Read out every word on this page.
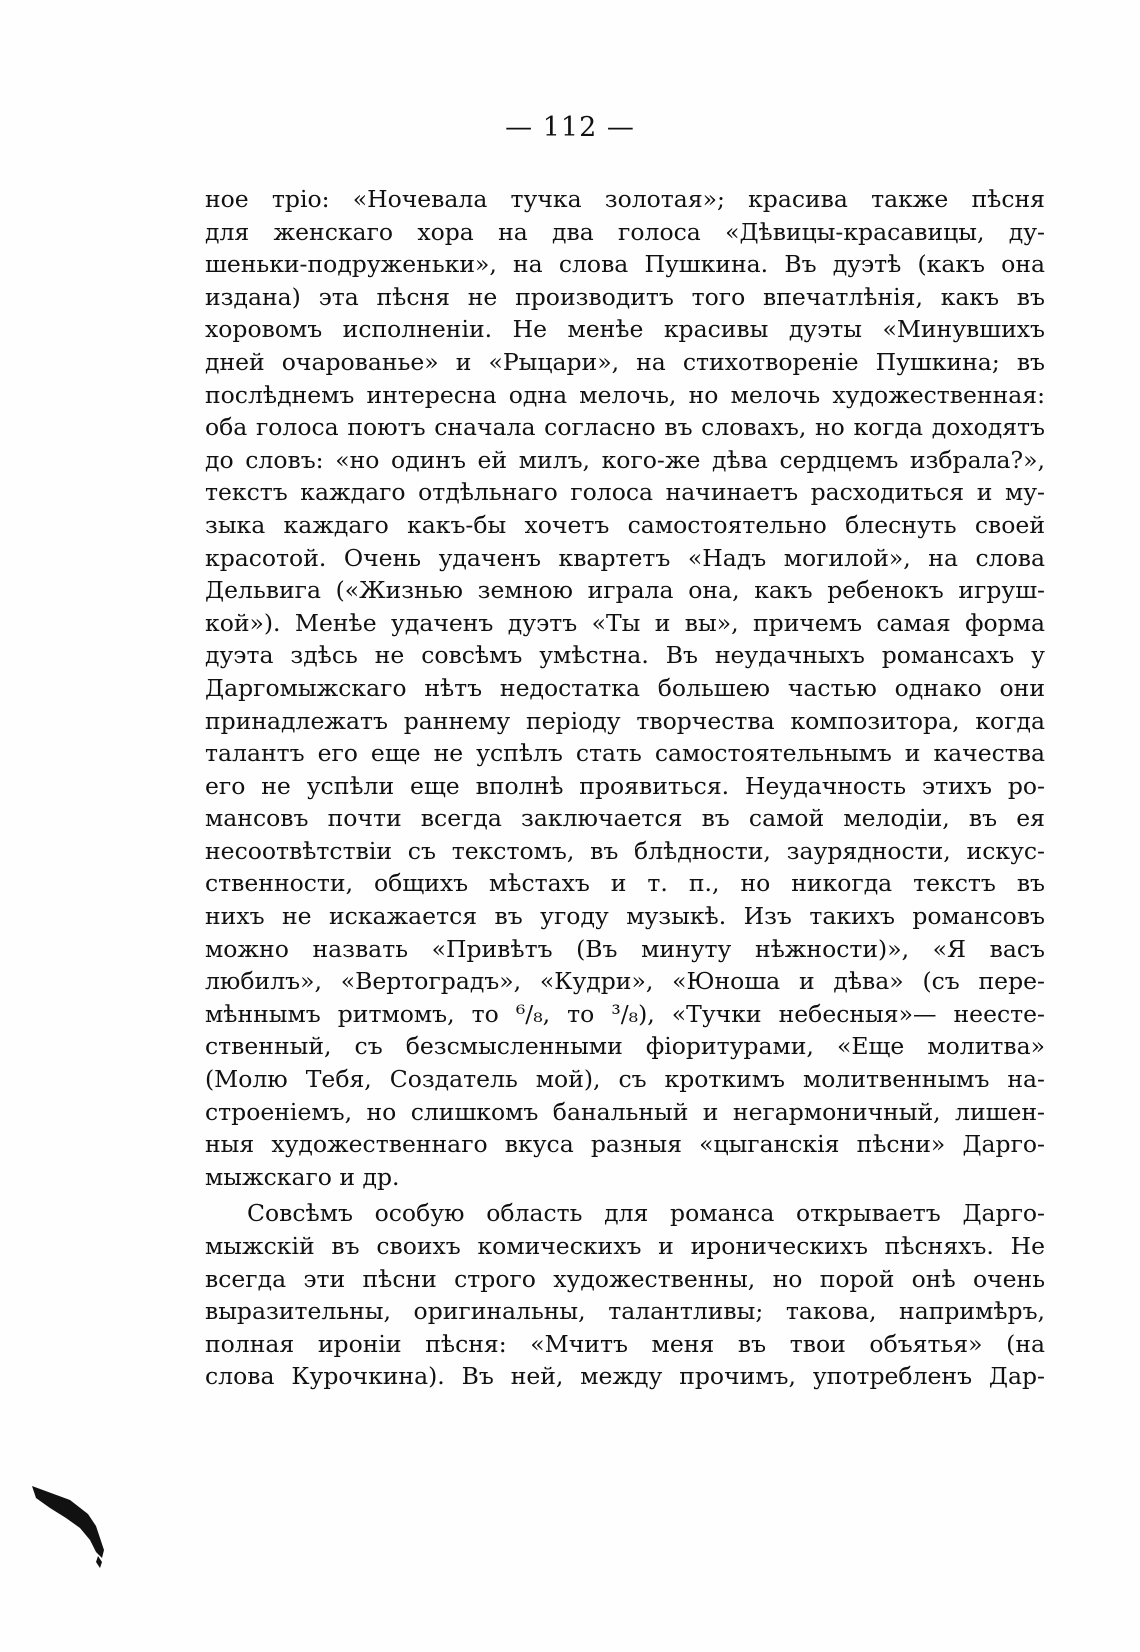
— 112 —
ное тріо: «Ночевала тучка золотая»; красива также пѣсня
для женскаго хора на два голоса «Дѣвицы-красавицы, ду-
шеньки-подруженьки», на слова Пушкина. Въ дуэтѣ (какъ она
издана) эта пѣсня не производитъ того впечатлѣнія, какъ въ
хоровомъ исполненіи. Не менѣе красивы дуэты «Минувшихъ
дней очарованье» и «Рыцари», на стихотвореніе Пушкина; въ
послѣднемъ интересна одна мелочь, но мелочь художественная:
оба голоса поютъ сначала согласно въ словахъ, но когда доходятъ
до словъ: «но одинъ ей милъ, кого-же дѣва сердцемъ избрала?»,
текстъ каждаго отдѣльнаго голоса начинаетъ расходиться и му-
зыка каждаго какъ-бы хочетъ самостоятельно блеснуть своей
красотой. Очень удаченъ квартетъ «Надъ могилой», на слова
Дельвига («Жизнью земною играла она, какъ ребенокъ игруш-
кой»). Менѣе удаченъ дуэтъ «Ты и вы», причемъ самая форма
дуэта здѣсь не совсѣмъ умѣстна. Въ неудачныхъ романсахъ у
Даргомыжскаго нѣтъ недостатка большею частью однако они
принадлежатъ раннему періоду творчества композитора, когда
талантъ его еще не успѣлъ стать самостоятельнымъ и качества
его не успѣли еще вполнѣ проявиться. Неудачность этихъ ро-
мансовъ почти всегда заключается въ самой мелодіи, въ ея
несоотвѣтствіи съ текстомъ, въ блѣдности, заурядности, искус-
ственности, общихъ мѣстахъ и т. п., но никогда текстъ въ
нихъ не искажается въ угоду музыкѣ. Изъ такихъ романсовъ
можно назвать «Привѣтъ (Въ минуту нѣжности)», «Я васъ
любилъ», «Вертоградъ», «Кудри», «Юноша и дѣва» (съ пере-
мѣннымъ ритмомъ, то ⁶/₈, то ³/₈), «Тучки небесныя»— неесте-
ственный, съ безсмысленными фіоритурами, «Еще молитва»
(Молю Тебя, Создатель мой), съ кроткимъ молитвеннымъ на-
строеніемъ, но слишкомъ банальный и негармоничный, лишен-
ныя художественнаго вкуса разныя «цыганскія пѣсни» Дарго-
мыжскаго и др.
Совсѣмъ особую область для романса открываетъ Дарго-
мыжскій въ своихъ комическихъ и ироническихъ пѣсняхъ. Не
всегда эти пѣсни строго художественны, но порой онѣ очень
выразительны, оригинальны, талантливы; такова, напримѣръ,
полная ироніи пѣсня: «Мчитъ меня въ твои объятья» (на
слова Курочкина). Въ ней, между прочимъ, употребленъ Дар-
